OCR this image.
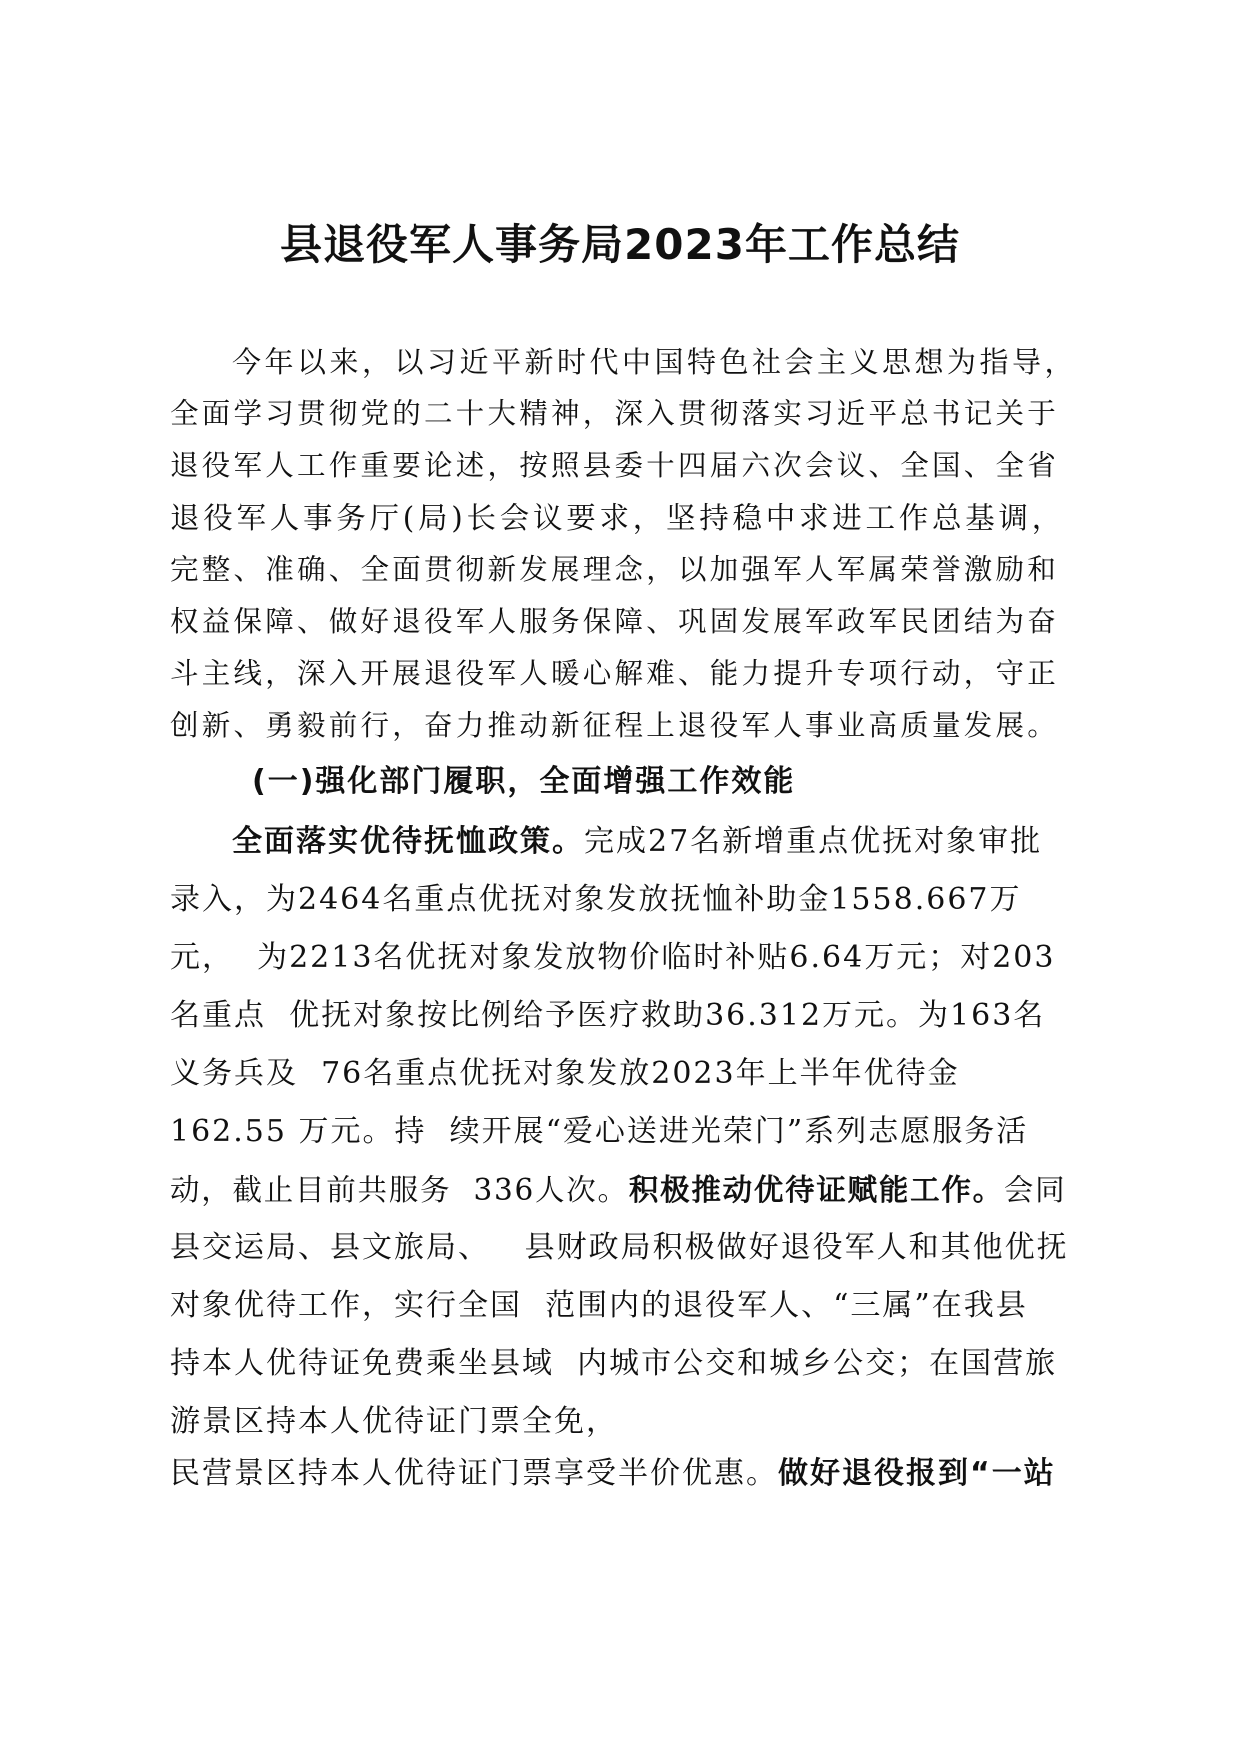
县退役军人事务局2023年工作总结
今年以来，以习近平新时代中国特色社会主义思想为指导，
全面学习贯彻党的二十大精神，深入贯彻落实习近平总书记关于
退役军人工作重要论述，按照县委十四届六次会议、全国、全省
退役军人事务厅(局)长会议要求，坚持稳中求进工作总基调，
完整、准确、全面贯彻新发展理念，以加强军人军属荣誉激励和
权益保障、做好退役军人服务保障、巩固发展军政军民团结为奋
斗主线，深入开展退役军人暖心解难、能力提升专项行动，守正
创新、勇毅前行，奋力推动新征程上退役军人事业高质量发展。
(一)强化部门履职，全面增强工作效能
全面落实优待抚恤政策。完成27名新增重点优抚对象审批
录入，为2464名重点优抚对象发放抚恤补助金1558.667万
元，  为2213名优抚对象发放物价临时补贴6.64万元；对203
名重点  优抚对象按比例给予医疗救助36.312万元。为163名
义务兵及  76名重点优抚对象发放2023年上半年优待金
162.55 万元。持  续开展“爱心送进光荣门”系列志愿服务活
动，截止目前共服务  336人次。积极推动优待证赋能工作。会同
县交运局、县文旅局、   县财政局积极做好退役军人和其他优抚
对象优待工作，实行全国  范围内的退役军人、“三属”在我县
持本人优待证免费乘坐县域  内城市公交和城乡公交；在国营旅
游景区持本人优待证门票全免，
民营景区持本人优待证门票享受半价优惠。做好退役报到“一站
